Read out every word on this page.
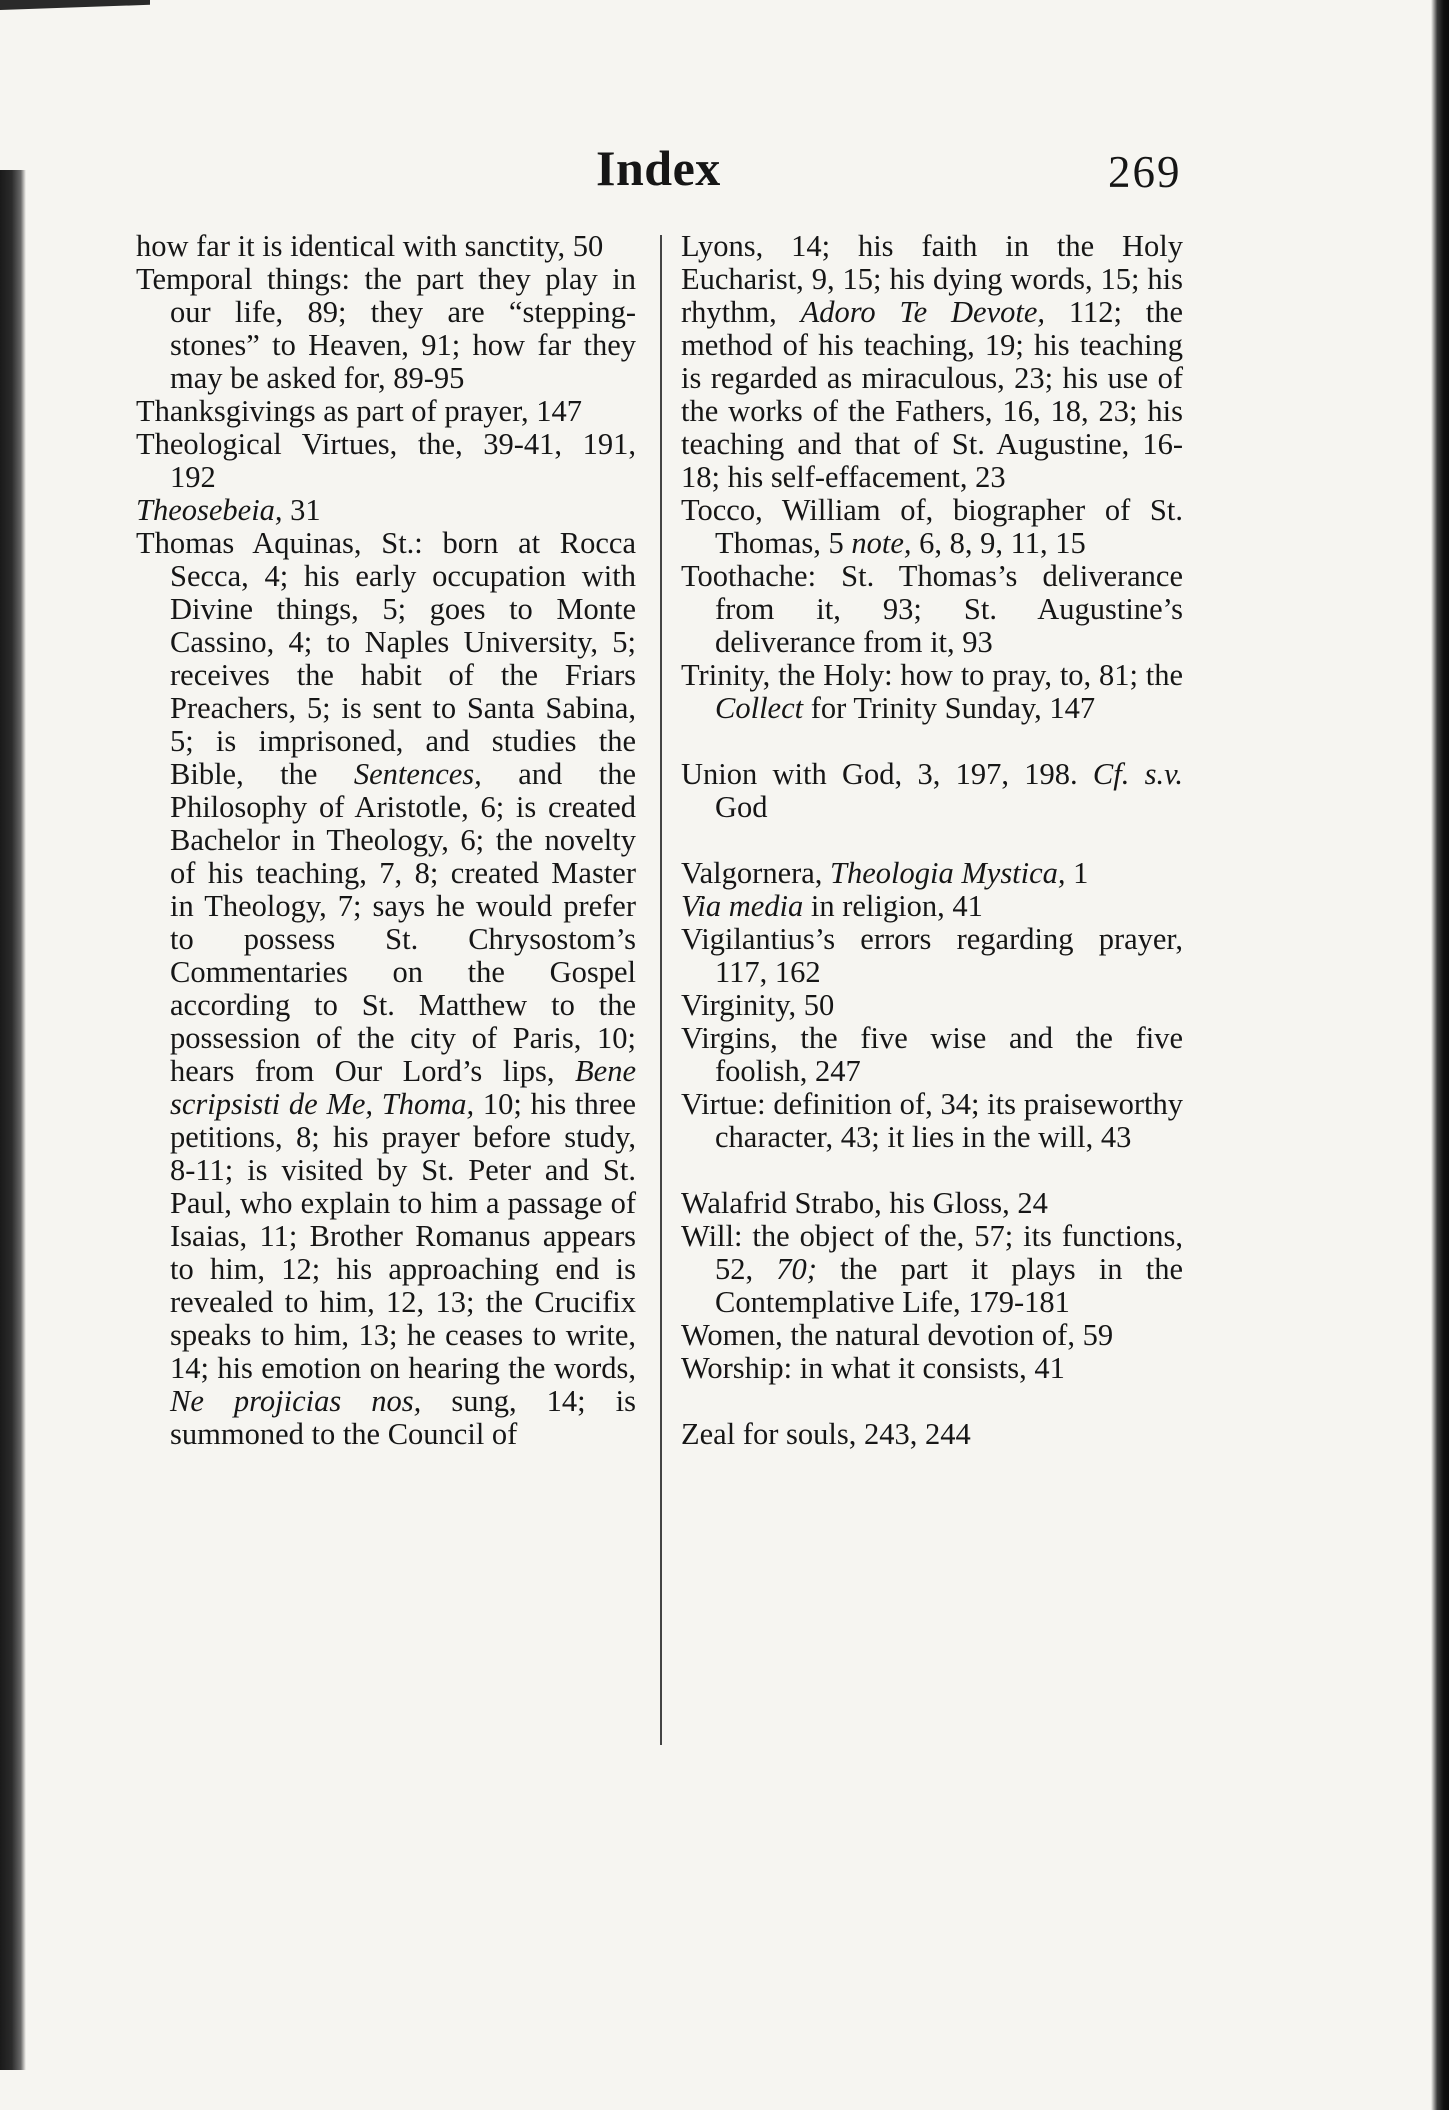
Index	269
how far it is identical with sanctity, 50
Temporal things: the part they play in our life, 89; they are “stepping-stones” to Heaven, 91; how far they may be asked for, 89-95
Thanksgivings as part of prayer, 147
Theological Virtues, the, 39-41, 191, 192
Theosebeia, 31
Thomas Aquinas, St.: born at Rocca Secca, 4; his early occupation with Divine things, 5; goes to Monte Cassino, 4; to Naples University, 5; receives the habit of the Friars Preachers, 5; is sent to Santa Sabina, 5; is imprisoned, and studies the Bible, the Sentences, and the Philosophy of Aristotle, 6; is created Bachelor in Theology, 6; the novelty of his teaching, 7, 8; created Master in Theology, 7; says he would prefer to possess St. Chrysostom’s Commentaries on the Gospel according to St. Matthew to the possession of the city of Paris, 10; hears from Our Lord’s lips, Bene scripsisti de Me, Thoma, 10; his three petitions, 8; his prayer before study, 8-11; is visited by St. Peter and St. Paul, who explain to him a passage of Isaias, 11; Brother Romanus appears to him, 12; his approaching end is revealed to him, 12, 13; the Crucifix speaks to him, 13; he ceases to write, 14; his emotion on hearing the words, Ne projicias nos, sung, 14; is summoned to the Council of
Lyons, 14; his faith in the Holy Eucharist, 9, 15; his dying words, 15; his rhythm, Adoro Te Devote, 112; the method of his teaching, 19; his teaching is regarded as miraculous, 23; his use of the works of the Fathers, 16, 18, 23; his teaching and that of St. Augustine, 16-18; his self-effacement, 23
Tocco, William of, biographer of St. Thomas, 5 note, 6, 8, 9, 11, 15
Toothache: St. Thomas’s deliverance from it, 93; St. Augustine’s deliverance from it, 93
Trinity, the Holy: how to pray, to, 81; the Collect for Trinity Sunday, 147
Union with God, 3, 197, 198. Cf. s.v. God
Valgornera, Theologia Mystica, 1
Via media in religion, 41
Vigilantius’s errors regarding prayer, 117, 162
Virginity, 50
Virgins, the five wise and the five foolish, 247
Virtue: definition of, 34; its praiseworthy character, 43; it lies in the will, 43
Walafrid Strabo, his Gloss, 24
Will: the object of the, 57; its functions, 52, 70; the part it plays in the Contemplative Life, 179-181
Women, the natural devotion of, 59
Worship: in what it consists, 41
Zeal for souls, 243, 244
